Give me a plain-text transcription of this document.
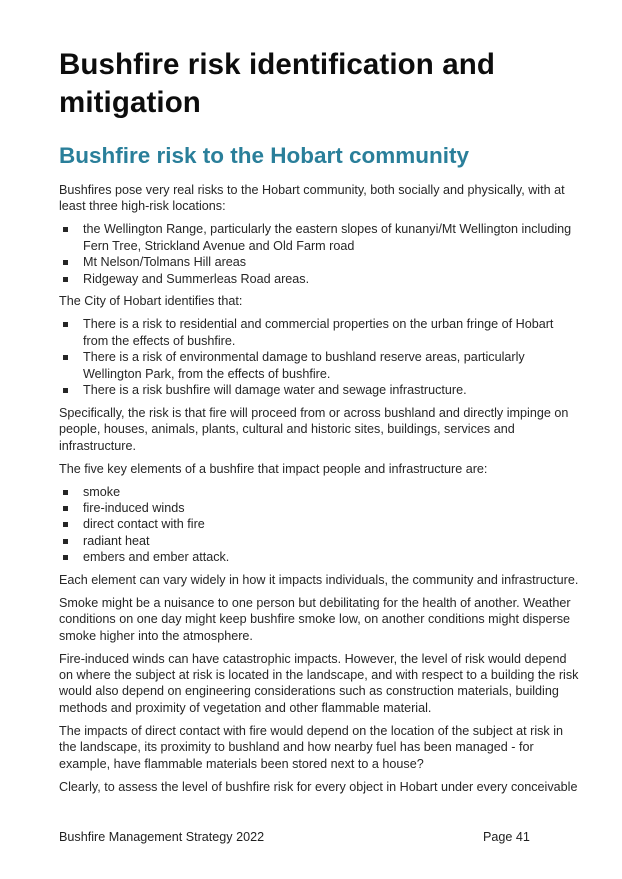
Bushfire risk identification and mitigation
Bushfire risk to the Hobart community

Bushfires pose very real risks to the Hobart community, both socially and physically, with at least three high-risk locations:

the Wellington Range, particularly the eastern slopes of kunanyi/Mt Wellington including Fern Tree, Strickland Avenue and Old Farm road
Mt Nelson/Tolmans Hill areas
Ridgeway and Summerleas Road areas.

The City of Hobart identifies that:

There is a risk to residential and commercial properties on the urban fringe of Hobart from the effects of bushfire.
There is a risk of environmental damage to bushland reserve areas, particularly Wellington Park, from the effects of bushfire.
There is a risk bushfire will damage water and sewage infrastructure.

Specifically, the risk is that fire will proceed from or across bushland and directly impinge on people, houses, animals, plants, cultural and historic sites, buildings, services and infrastructure.

The five key elements of a bushfire that impact people and infrastructure are:

smoke
fire-induced winds
direct contact with fire
radiant heat
embers and ember attack.

Each element can vary widely in how it impacts individuals, the community and infrastructure.

Smoke might be a nuisance to one person but debilitating for the health of another. Weather conditions on one day might keep bushfire smoke low, on another conditions might disperse smoke higher into the atmosphere.

Fire-induced winds can have catastrophic impacts. However, the level of risk would depend on where the subject at risk is located in the landscape, and with respect to a building the risk would also depend on engineering considerations such as construction materials, building methods and proximity of vegetation and other flammable material.

The impacts of direct contact with fire would depend on the location of the subject at risk in the landscape, its proximity to bushland and how nearby fuel has been managed - for example, have flammable materials been stored next to a house?

Clearly, to assess the level of bushfire risk for every object in Hobart under every conceivable

Bushfire Management Strategy 2022	Page 41
